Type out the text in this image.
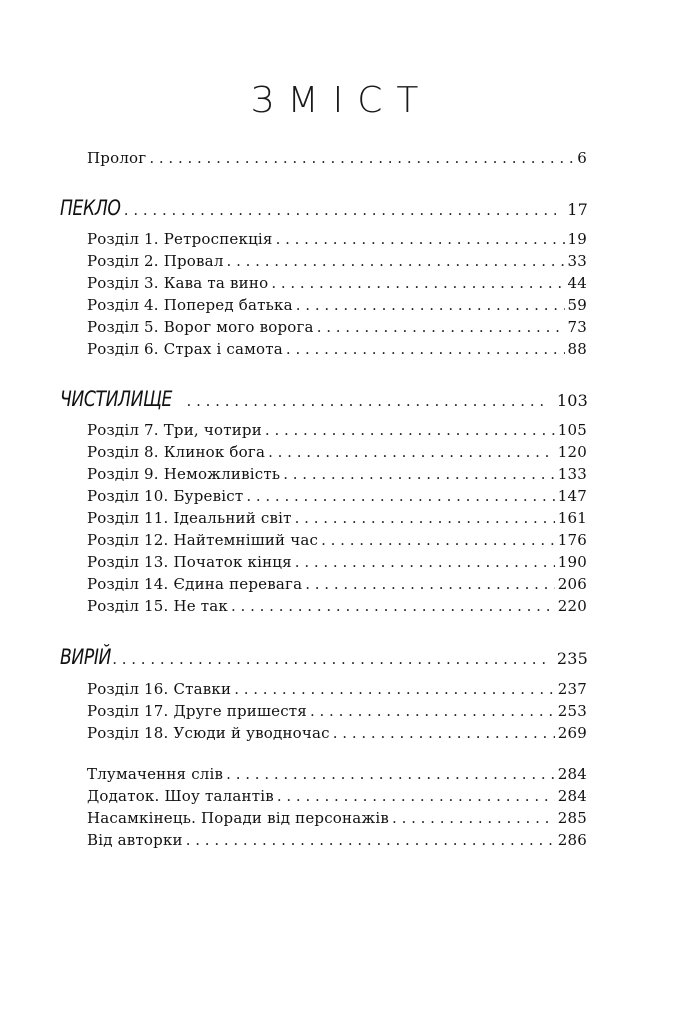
ЗМІСТ
Пролог . . .	6
ПЕКЛО . . .	17
Розділ 1. Ретроспекція . . .	19
Розділ 2. Провал . . .	33
Розділ 3. Кава та вино . . .	44
Розділ 4. Поперед батька . . .	59
Розділ 5. Ворог мого ворога . . .	73
Розділ 6. Страх і самота . . .	88
ЧИСТИЛИЩЕ . . .	103
Розділ 7. Три, чотири . . .	105
Розділ 8. Клинок бога . . .	120
Розділ 9. Неможливість . . .	133
Розділ 10. Буревіст . . .	147
Розділ 11. Ідеальний світ . . .	161
Розділ 12. Найтемніший час . . .	176
Розділ 13. Початок кінця . . .	190
Розділ 14. Єдина перевага . . .	206
Розділ 15. Не так . . .	220
ВИРІЙ . . .	235
Розділ 16. Ставки . . .	237
Розділ 17. Друге пришестя . . .	253
Розділ 18. Усюди й уводночас . . .	269
Тлумачення слів . . .	284
Додаток. Шоу талантів . . .	284
Насамкінець. Поради від персонажів . . .	285
Від авторки . . .	286
